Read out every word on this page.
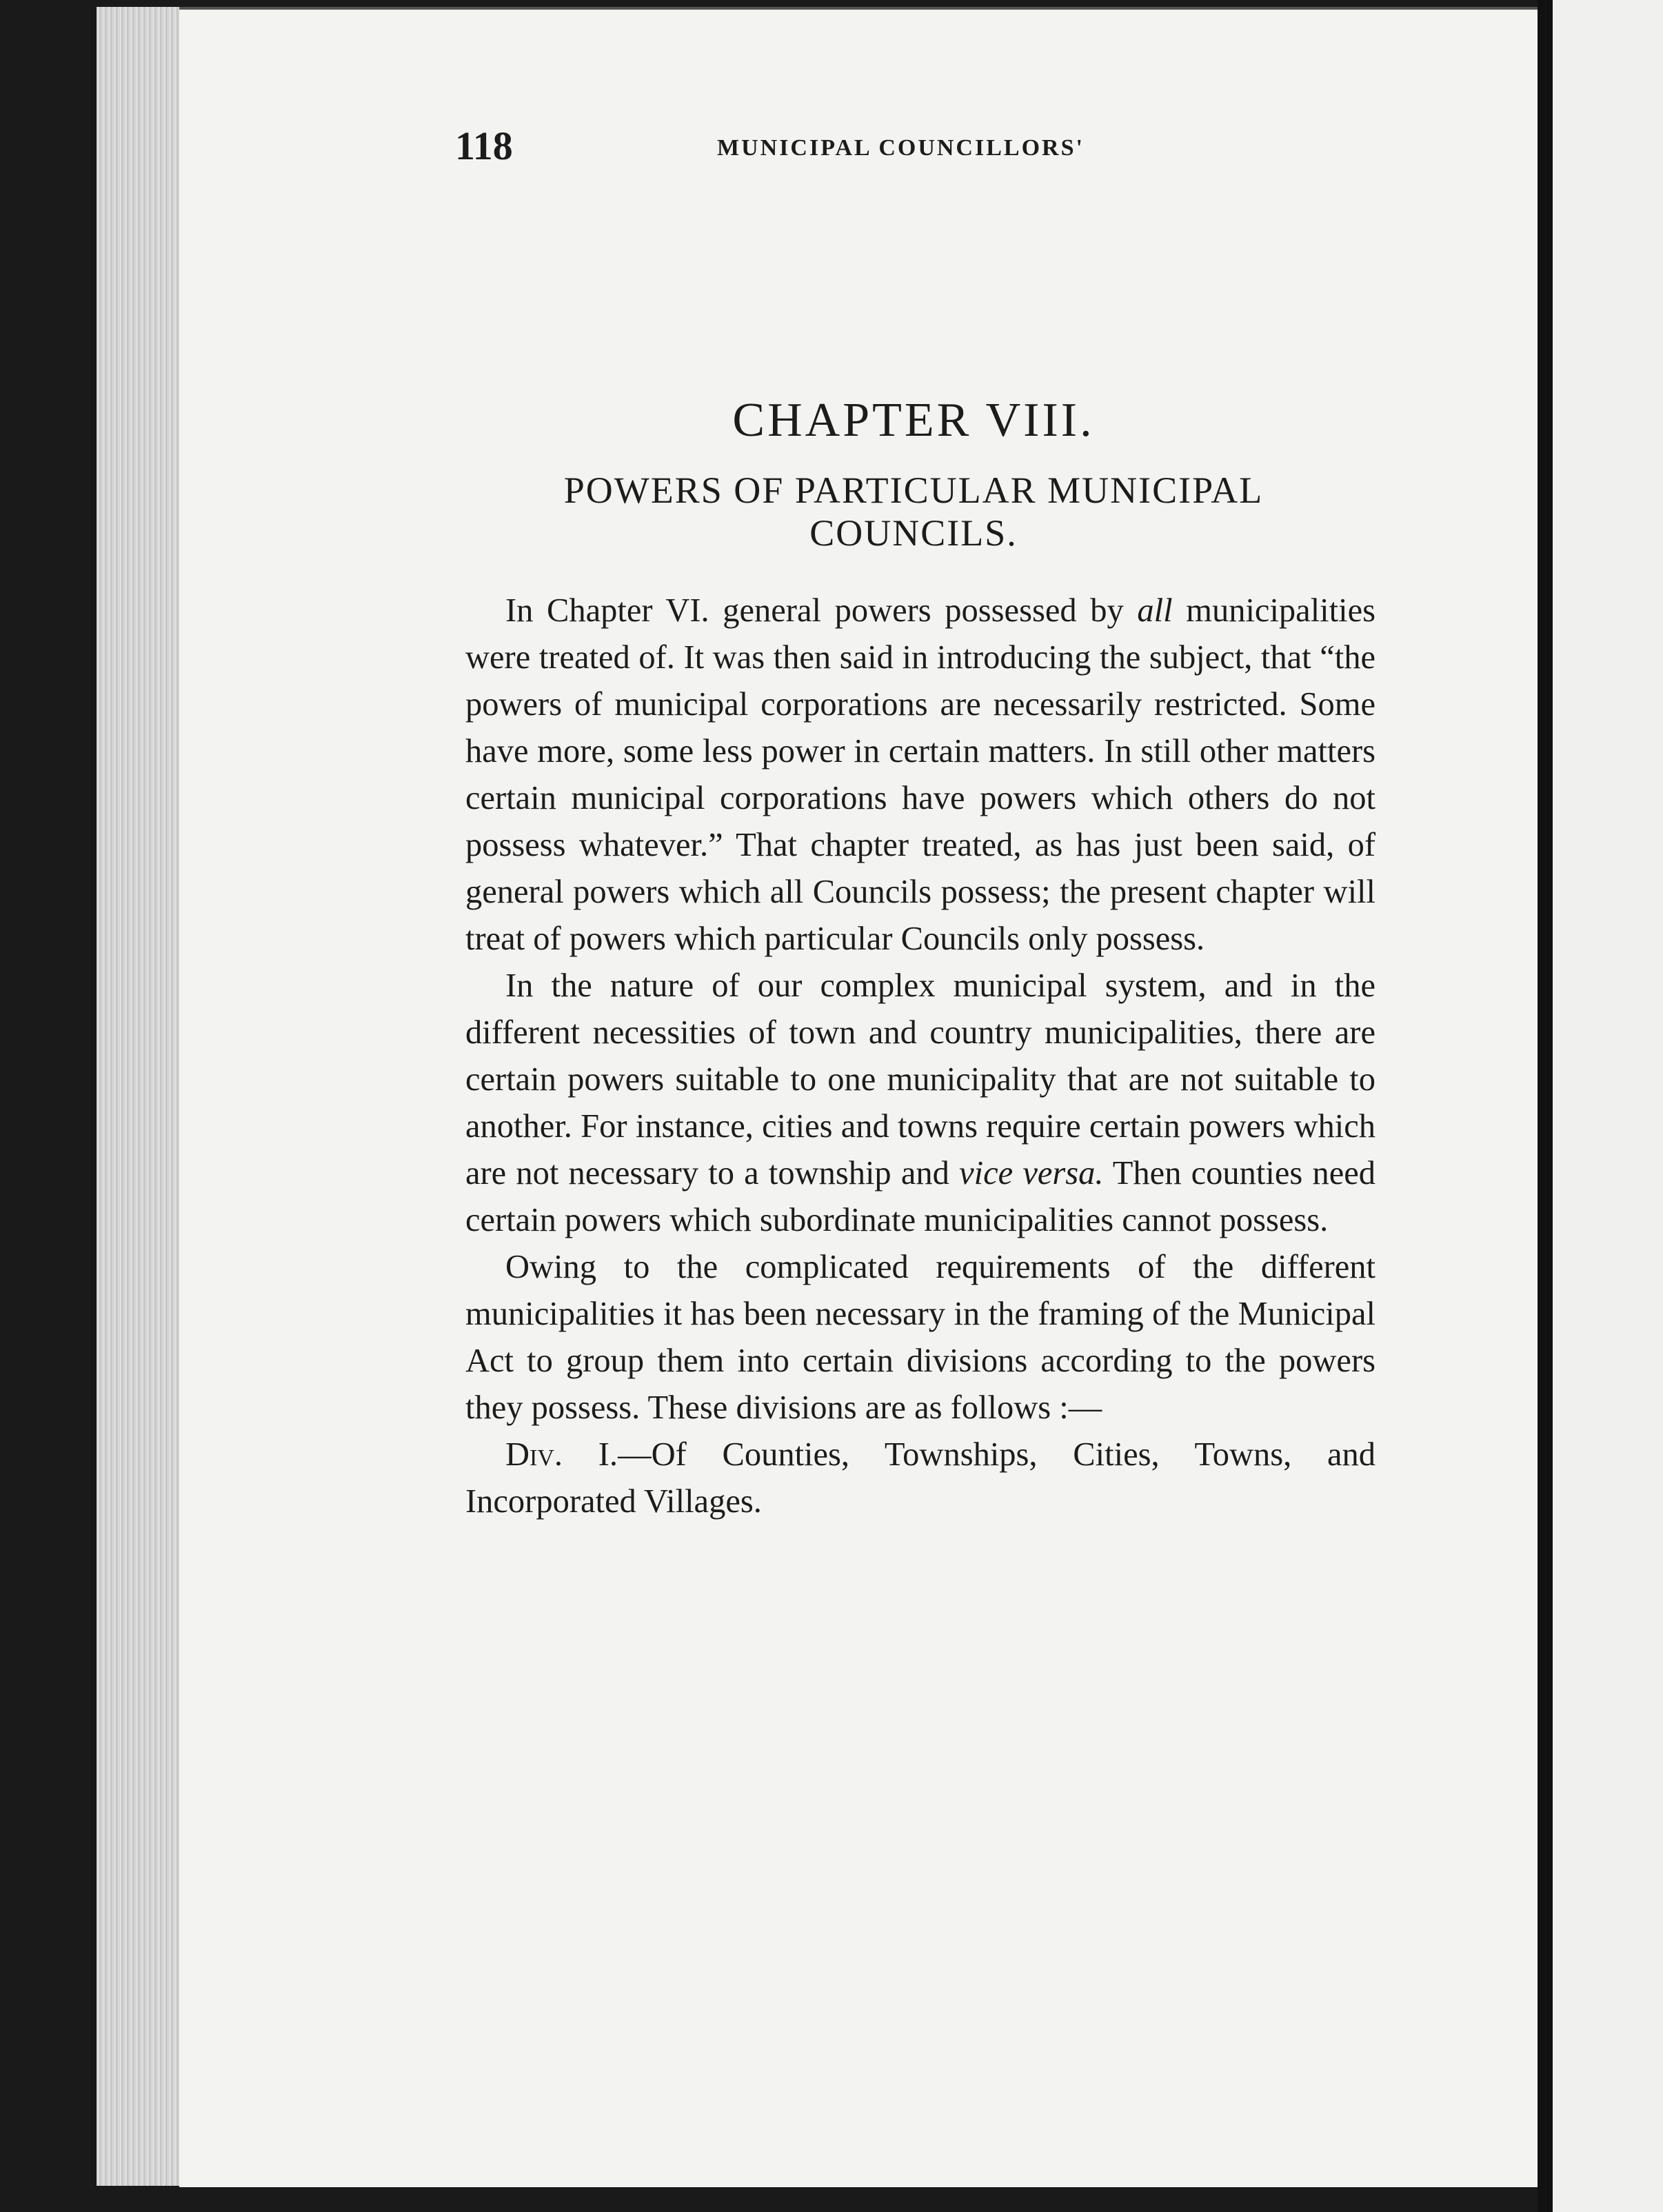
118	MUNICIPAL COUNCILLORS'
CHAPTER VIII.
POWERS OF PARTICULAR MUNICIPAL
COUNCILS.

In Chapter VI. general powers possessed by all municipalities were treated of. It was then said in introducing the subject, that “the powers of municipal corporations are necessarily restricted. Some have more, some less power in certain matters. In still other matters certain municipal corporations have powers which others do not possess whatever.” That chapter treated, as has just been said, of general powers which all Councils possess; the present chapter will treat of powers which particular Councils only possess.

In the nature of our complex municipal system, and in the different necessities of town and country municipalities, there are certain powers suitable to one municipality that are not suitable to another. For instance, cities and towns require certain powers which are not necessary to a township and vice versa. Then counties need certain powers which subordinate municipalities cannot possess.

Owing to the complicated requirements of the different municipalities it has been necessary in the framing of the Municipal Act to group them into certain divisions according to the powers they possess. These divisions are as follows :—

Div. I.—Of Counties, Townships, Cities, Towns, and Incorporated Villages.
